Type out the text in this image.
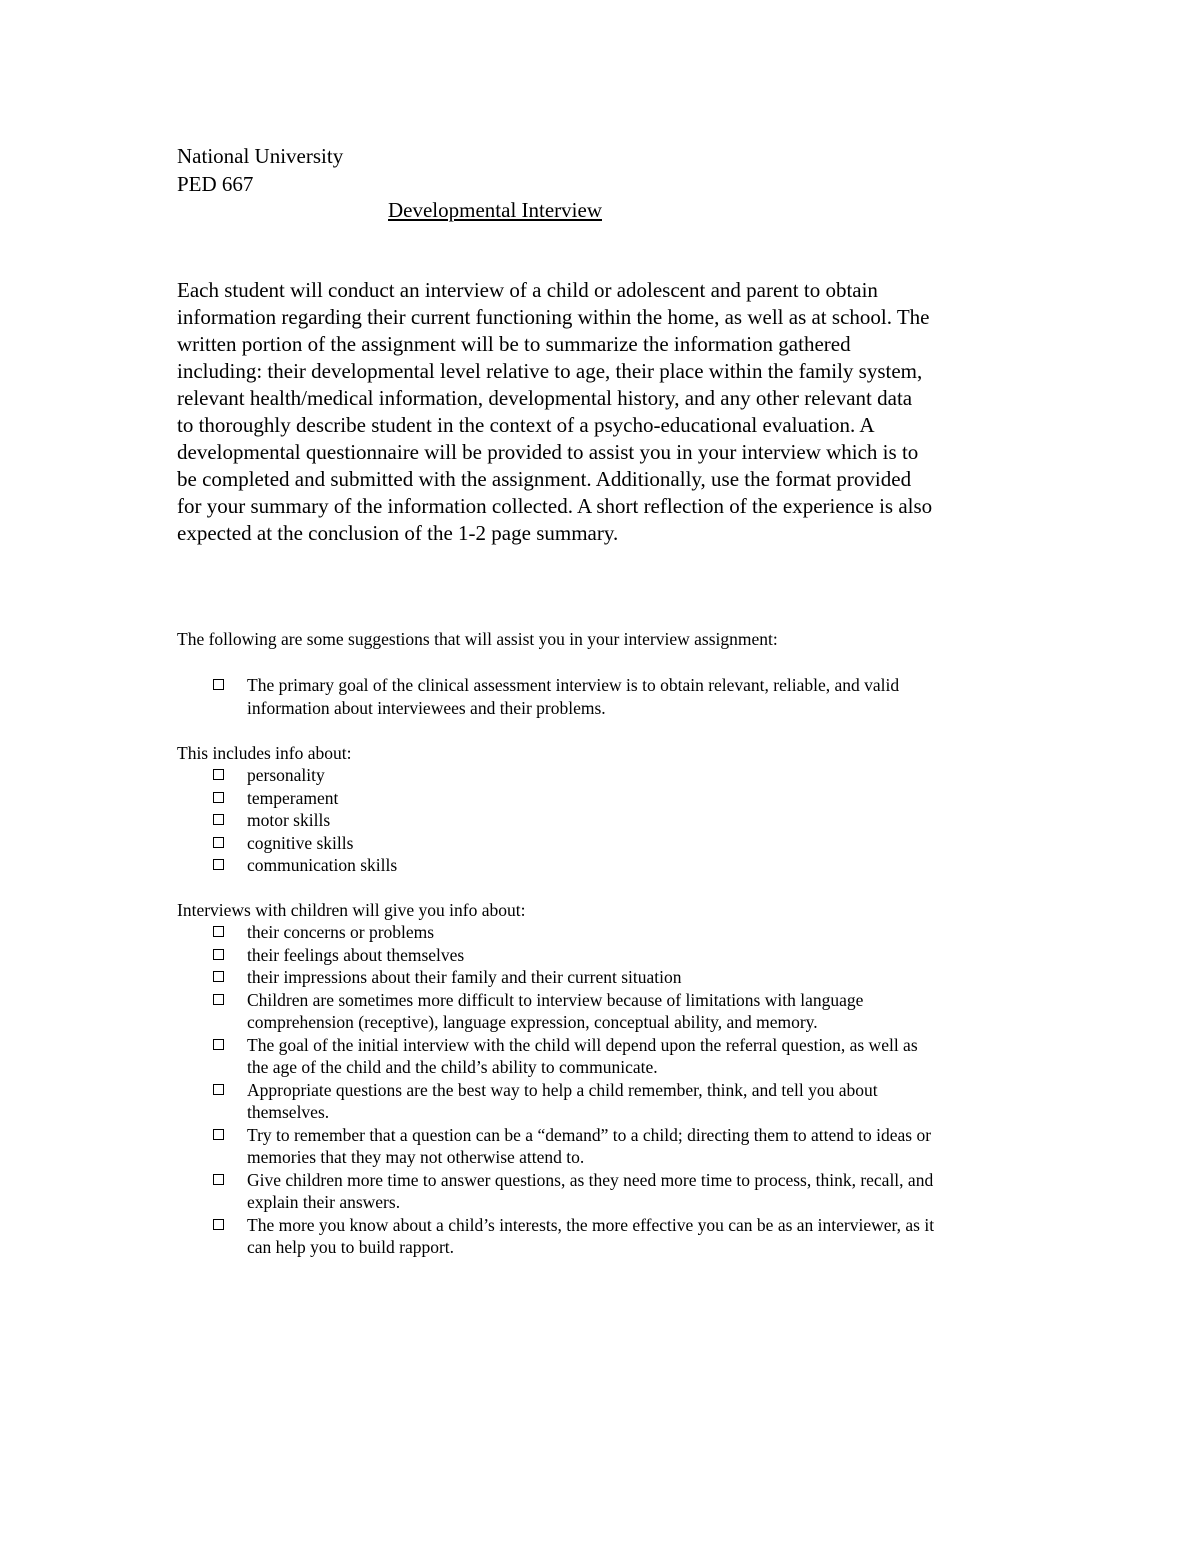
National University
PED 667
Developmental Interview
Each student will conduct an interview of a child or adolescent and parent to obtain
information regarding their current functioning within the home, as well as at school. The
written portion of the assignment will be to summarize the information gathered
including: their developmental level relative to age, their place within the family system,
relevant health/medical information, developmental history, and any other relevant data
to thoroughly describe student in the context of a psycho-educational evaluation. A
developmental questionnaire will be provided to assist you in your interview which is to
be completed and submitted with the assignment. Additionally, use the format provided
for your summary of the information collected. A short reflection of the experience is also
expected at the conclusion of the 1-2 page summary.
The following are some suggestions that will assist you in your interview assignment:
The primary goal of the clinical assessment interview is to obtain relevant, reliable, and valid
information about interviewees and their problems.
This includes info about:
personality
temperament
motor skills
cognitive skills
communication skills
Interviews with children will give you info about:
their concerns or problems
their feelings about themselves
their impressions about their family and their current situation
Children are sometimes more difficult to interview because of limitations with language
comprehension (receptive), language expression, conceptual ability, and memory.
The goal of the initial interview with the child will depend upon the referral question, as well as
the age of the child and the child’s ability to communicate.
Appropriate questions are the best way to help a child remember, think, and tell you about
themselves.
Try to remember that a question can be a “demand” to a child; directing them to attend to ideas or
memories that they may not otherwise attend to.
Give children more time to answer questions, as they need more time to process, think, recall, and
explain their answers.
The more you know about a child’s interests, the more effective you can be as an interviewer, as it
can help you to build rapport.
